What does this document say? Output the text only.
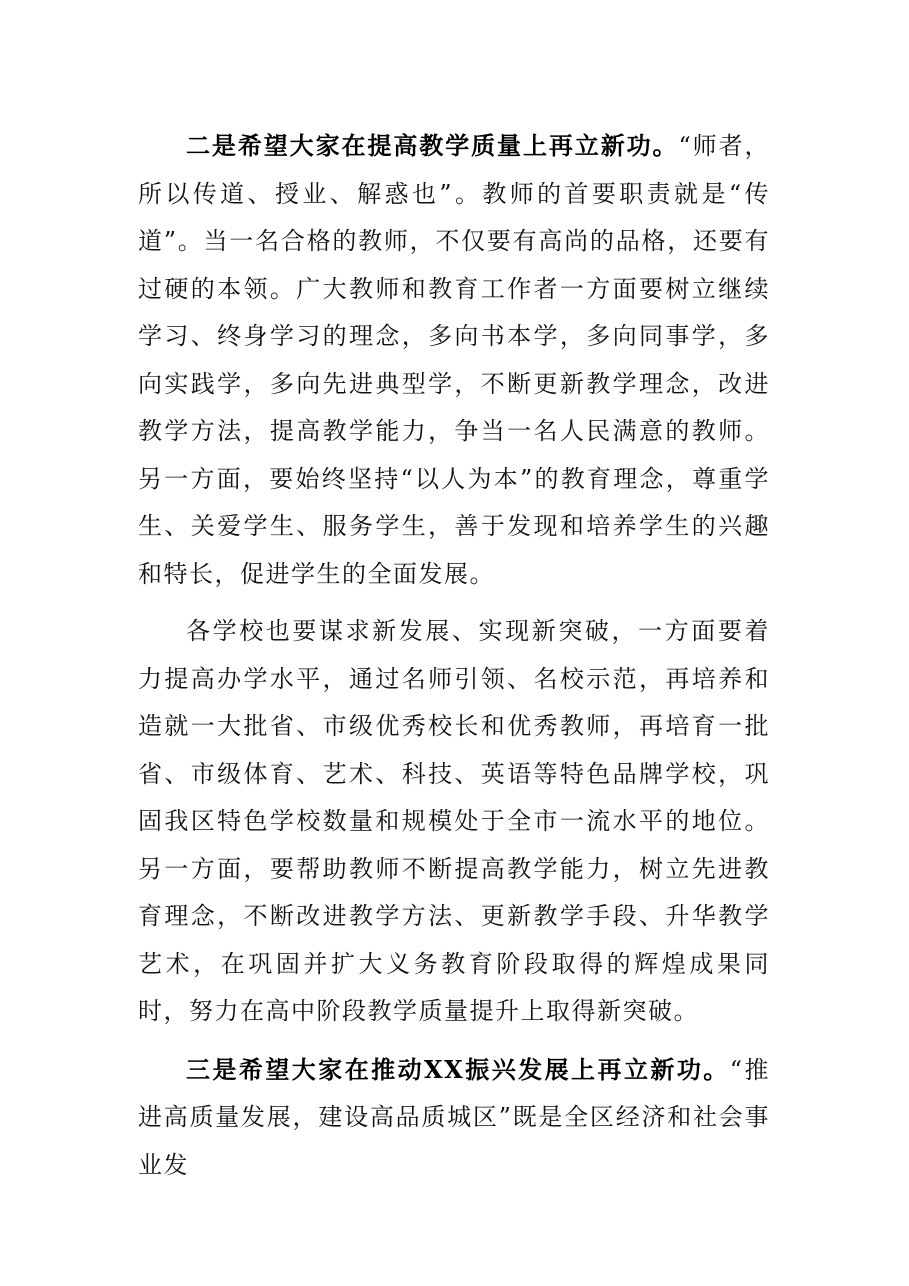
二是希望大家在提高教学质量上再立新功。“师者，所以传道、授业、解惑也”。教师的首要职责就是“传道”。当一名合格的教师，不仅要有高尚的品格，还要有过硬的本领。广大教师和教育工作者一方面要树立继续学习、终身学习的理念，多向书本学，多向同事学，多向实践学，多向先进典型学，不断更新教学理念，改进教学方法，提高教学能力，争当一名人民满意的教师。另一方面，要始终坚持“以人为本”的教育理念，尊重学生、关爱学生、服务学生，善于发现和培养学生的兴趣和特长，促进学生的全面发展。

各学校也要谋求新发展、实现新突破，一方面要着力提高办学水平，通过名师引领、名校示范，再培养和造就一大批省、市级优秀校长和优秀教师，再培育一批省、市级体育、艺术、科技、英语等特色品牌学校，巩固我区特色学校数量和规模处于全市一流水平的地位。另一方面，要帮助教师不断提高教学能力，树立先进教育理念，不断改进教学方法、更新教学手段、升华教学艺术，在巩固并扩大义务教育阶段取得的辉煌成果同时，努力在高中阶段教学质量提升上取得新突破。

三是希望大家在推动XX振兴发展上再立新功。“推进高质量发展，建设高品质城区”既是全区经济和社会事业发
